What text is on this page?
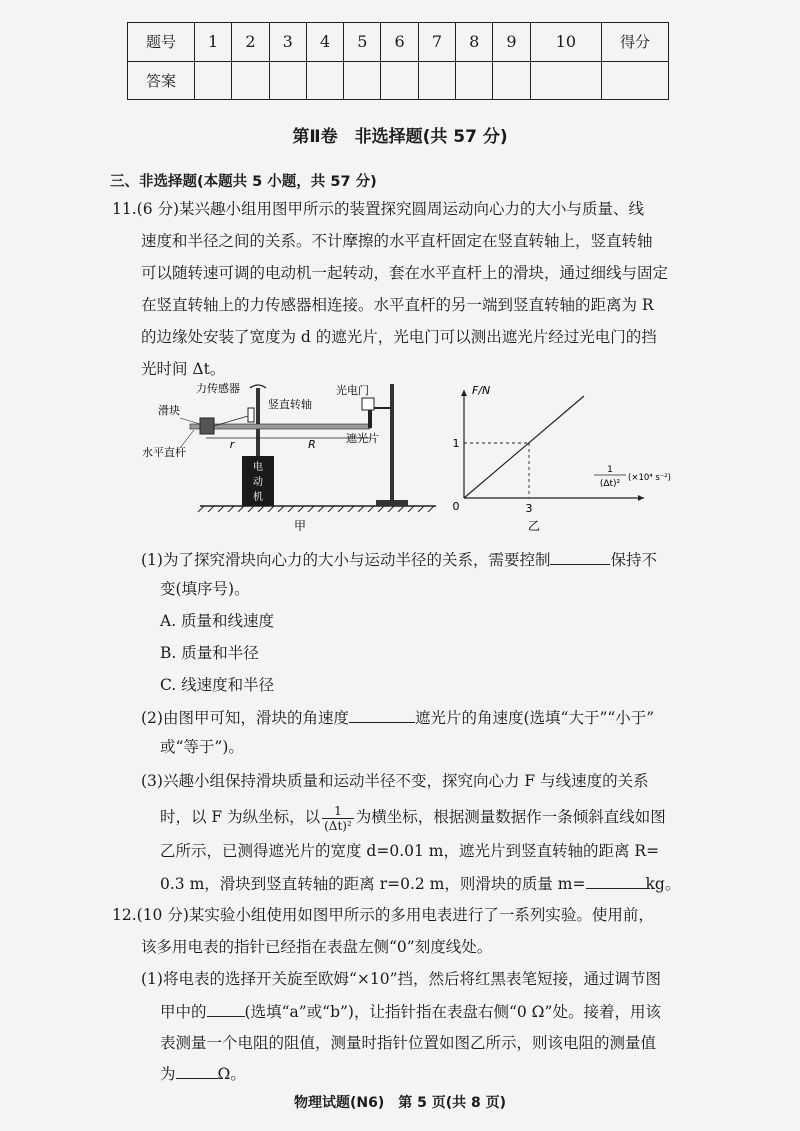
题号	1	2	3	4	5	6	7	8	9	10	得分
答案											
第Ⅱ卷　非选择题(共 57 分)
三、非选择题(本题共 5 小题，共 57 分)
11.(6 分)某兴趣小组用图甲所示的装置探究圆周运动向心力的大小与质量、线
速度和半径之间的关系。不计摩擦的水平直杆固定在竖直转轴上，竖直转轴
可以随转速可调的电动机一起转动，套在水平直杆上的滑块，通过细线与固定
在竖直转轴上的力传感器相连接。水平直杆的另一端到竖直转轴的距离为 R
的边缘处安装了宽度为 d 的遮光片，光电门可以测出遮光片经过光电门的挡
光时间 Δt。
电
动
机
r	R
力传感器
竖直转轴
光电门
滑块
遮光片
水平直杆
甲
F/N
1
3
0
1
(Δt)²
(×10⁴ s⁻²)
乙
(1)为了探究滑块向心力的大小与运动半径的关系，需要控制	保持不
变(填序号)。
A. 质量和线速度
B. 质量和半径
C. 线速度和半径
(2)由图甲可知，滑块的角速度	遮光片的角速度(选填“大于”“小于”
或“等于”)。
(3)兴趣小组保持滑块质量和运动半径不变，探究向心力 F 与线速度的关系
时，以 F 为纵坐标，以 $\frac{1}{\text{(Δt)²}}$ 为横坐标，根据测量数据作一条倾斜直线如图
乙所示，已测得遮光片的宽度 d=0.01 m，遮光片到竖直转轴的距离 R=
0.3 m，滑块到竖直转轴的距离 r=0.2 m，则滑块的质量 m=	kg。
12.(10 分)某实验小组使用如图甲所示的多用电表进行了一系列实验。使用前，
该多用电表的指针已经指在表盘左侧“0”刻度线处。
(1)将电表的选择开关旋至欧姆“×10”挡，然后将红黑表笔短接，通过调节图
甲中的 (选填“a”或“b”)，让指针指在表盘右侧“0 Ω”处。接着，用该
表测量一个电阻的阻值，测量时指针位置如图乙所示，则该电阻的测量值
为	Ω。
物理试题(N6)　第 5 页(共 8 页)
